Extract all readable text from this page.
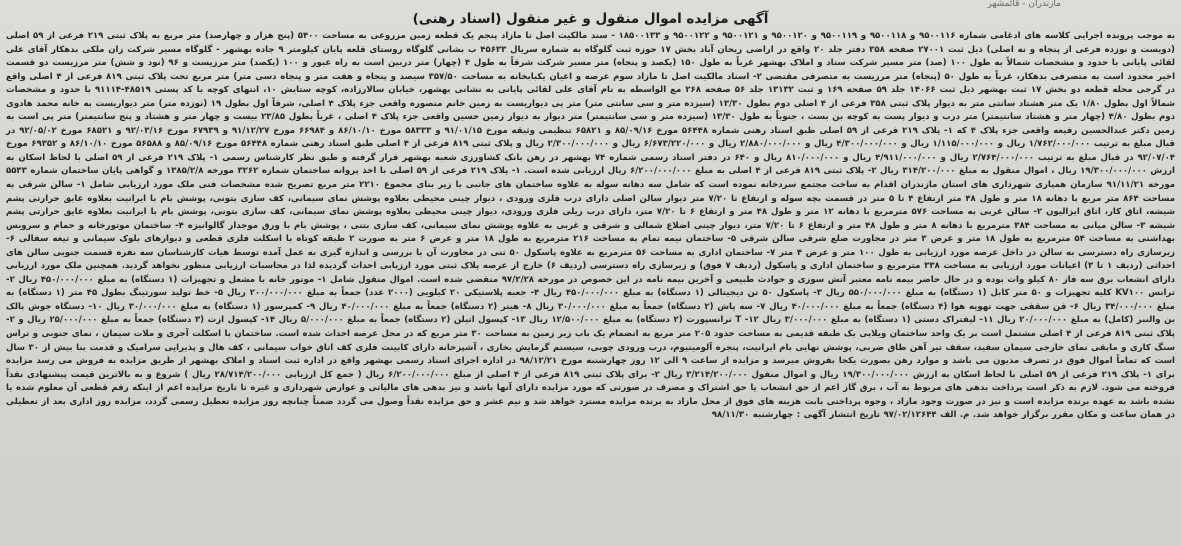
مازندران - قائمشهر
آگهی مزایده اموال منقول و غیر منقول (اسناد رهنی)

به موجب پرونده اجرایی کلاسه های ادغامی شماره ۹۵۰۰۱۱۶ و ۹۵۰۰۱۱۸ و ۹۵۰۰۱۱۹ و ۹۵۰۰۱۲۰ و ۹۵۰۰۱۲۱ و ۹۵۰۰۱۲۲ و ۱۸۵۰۰۱۳۳ - سند مالکیت اصل تا مازاد پنجم یک قطعه زمین مزروعی به مساحت ۵۴۰۰ (پنج هزار و چهارصد) متر مربع به پلاک ثبتی ۲۱۹ فرعی از ۵۹ اصلی (دویست و نوزده فرعی از پنجاه و نه اصلی) ذیل ثبت ۲۷۰۰۱ صفحه ۳۵۸ دفتر جلد ۲۰ واقع در اراضی ریحان آباد بخش ۱۷ حوزه ثبت گلوگاه به شماره سریال ۴۵۶۳۳ ب بشانی گلوگاه روستای قلعه پایان کیلومتر ۹ جاده بهشهر - گلوگاه مسیر شرکت زان ملکی بدهکار آقای علی لقائی پایانی با حدود و مشخصات شمالاً به طول ۱۰۰ (صد) متر مسیر شرکت ستاد و املاک بهشهر غرباً به طول ۱۵۰ (یکصد و پنجاه) متر مسیر شرکت شرقاً به طول ۴ (چهار) متر دربین است به راه عبور و ۱۰۰ (یکصد) متر مرزیست و ۹۶ (نود و شش) متر مرزیست دو قسمت اخیر محدود است به متصرفی بدهکار، غرباً به طول ۵۰ (پنجاه) متر مرزیست به متصرفی مقتضی ۲- اسناد مالکیت اصل تا مازاد سوم عرصه و اعیان یکبابخانه به مساحت ۳۵۷/۵۰ سیصد و پنجاه و هفت متر و پنجاه دسی متر) متر مربع تحت پلاک ثبتی ۸۱۹ فرعی از ۴ اصلی واقع در گرجی محله قطعه دو بخش ۱۷ ثبت بهشهر ذیل ثبت ۱۴۰۶۶ جلد ۵۹ صفحه ۱۶۹ و ثبت ۱۳۱۳۲ جلد ۵۶ صفحه ۲۶۸ مع الواسطه به نام آقای علی لقائی پایانی به نشانی بهشهر، خیابان سالارزاده، کوچه ستایش ۱۰، انتهای کوچه با کد پستی ۴۸۵۱۹-۹۱۱۱۴ با حدود و مشخصات شمالاً اول بطول ۱/۸۰ یک متر هشتاد سانتی متر به دیوار پلاک ثبتی ۳۵۸ فرعی از ۴ اصلی دوم بطول ۱۳/۳۰ (سیزده متر و سی سانتی متر) متر پی دیواریست به زمین خانم منصوره واقعی جزء پلاک ۴ اصلی، شرقاً اول بطول ۱۹ (نوزده متر) متر دیواریست به خانه محمد هادوی دوم بطول ۴/۸۰ (چهار متر و هشتاد سانتیمتر) متر درب و دیوار پست به کوچه بن بست ، جنوباً به طول ۱۳/۳۰ (سیزده متر و سی سانتیمتر) متر دیوار به دیوار زمین حسین واقعی جزء پلاک ۴ اصلی ، غرباً بطول ۲۳/۸۵ بیست و چهار متر و هشتاد و پنج سانتیمتر) متر پی است به زمین دکتر عبدالحسین رفیعه واقعی جزء پلاک ۴ که ۱- پلاک ۲۱۹ فرعی از ۵۹ اصلی طبق اسناد رهنی شماره ۵۶۴۴۸ مورخ ۸۵/۰۹/۱۶ و ۶۵۸۲۱ تنظیمی وثیقه مورخ ۹۱/۰۱/۱۵ و ۵۸۳۳۳ مورخ ۸۶/۱۰/۱۰ و ۶۶۹۸۴ مورخ ۹۱/۱۲/۲۷ و ۶۷۹۳۹ مورخ ۹۲/۰۳/۱۶ و ۶۸۵۲۱ مورخ ۹۲/۰۵/۰۲ در قبال مبلغ به ترتیب ۱/۷۶۲/۰۰۰/۰۰۰ ریال و ۱/۱۱۵/۰۰۰/۰۰۰ ریال و ۴/۳۰۰/۰۰۰/۰۰۰ ریال و ۲/۸۸۰/۰۰۰/۰۰۰ ریال و ۶/۶۷۳/۲۲۰/۰۰۰ ریال و ۲/۳۰۰/۰۰۰/۰۰۰ ریال و پلاک ثبتی ۸۱۹ فرعی از ۴ اصلی طبق اسناد رهنی شماره ۵۶۴۴۸ مورخ ۸۵/۰۹/۱۶ و ۵۶۵۸۸ مورخ ۸۶/۱۰/۱۰ و ۶۹۳۵۲ مورخ ۹۲/۰۷/۰۴ در قبال مبلغ به ترتیب ۲/۷۶۴/۰۰۰/۰۰۰ ریال و ۴/۹۱۱/۰۰۰/۰۰۰ ریال و ۸۱۰/۰۰۰/۰۰۰ ریال و ۶۴۰ در دفتر اسناد رسمی شماره ۷۴ بهشهر در رهن بانک کشاورزی شعبه بهشهر قرار گرفته و طبق نظر کارشناس رسمی ۱- پلاک ۲۱۹ فرعی از ۵۹ اصلی با لحاظ اسکان به ارزش ۱۹/۳۰۰/۰۰۰/۰۰۰ ریال ، اموال منقول به مبلغ ۳۱۴/۲۰۰/۰۰۰ ریال ۲- پلاک ثبتی ۸۱۹ فرعی از ۴ اصلی به مبلغ ۶/۲۰۰/۰۰۰/۰۰۰ ریال ارزیابی شده است. ۱- پلاک ۲۱۹ فرعی از ۵۹ اصلی با اخذ پروانه ساختمان شماره ۳۲۶۲ مورخه ۱۳۸۵/۲/۸ و گواهی پایان ساختمان شماره ۵۵۳۳ مورخه ۹۱/۱۱/۲۱ سازمان همیاری شهرداری های استان مازندران اقدام به ساخت مجتمع سردخانه نموده است که شامل سه دهانه سوله به علاوه ساختمان های جانبی با زیر بنای مجموع ۲۲۱۰ متر مربع تصریح شده مشخصات فنی ملک مورد ارزیابی شامل ۱- سالن شرقی به مساحت ۸۶۴ متر مربع با دهانه ۱۸ متر و طول ۴۸ متر ارتفاع ۴ تا ۵ متر در قسمت بچه سوله و ارتفاع تا ۷/۲۰ متر دیوار سالن اصلی دارای درب فلزی ورودی ، دیوار چینی محیطی بعلاوه پوشش نمای سیمانی، کف سازی بتونی، پوشش بام با ایرانیت بعلاوه عایق حرارتی پشم شیشه، اتاق کار، اتاق ایزالیون ۲- سالن غربی به مساحت ۵۷۶ مترمربع با دهانه ۱۲ متر و طول ۴۸ متر و ارتفاع ۶ تا ۷/۲۰ متر، دارای درب ریلی فلزی ورودی، دیوار چینی محیطی بعلاوه پوشش نمای سیمانی، کف سازی بتونی، پوشش بام با ایرانیت بعلاوه عایق حرارتی پشم شیشه ۳- سالن میانی به مساحت ۳۸۴ مترمربع با دهانه ۸ متر و طول ۴۸ متر و ارتفاع ۶ تا ۷/۲۰ متر، دیوار چینی اضلاع شمالی و شرقی و غربی به علاوه پوشش نمای سیمانی، کف سازی بتنی ، پوشش بام با ورق موجدار گالوانیزه ۴- ساختمان موتورخانه و حمام و سرویس بهداشتی به مساحت ۵۴ مترمربع به طول ۱۸ متر و عرض ۳ متر در مجاورت ضلع شرقی سالن شرقی ۵- ساختمان نیمه تمام به مساحت ۲۱۶ مترمربع به طول ۱۸ متر و عرض ۶ متر به صورت ۲ طبقه کوتاه با اسکلت فلزی قطعی و دیوارهای بلوک سیمانی و تیغه سفالی ۶- زیرسازی راه دسترسی به سالن در داخل عرصه مورد ارزیابی به طول ۱۰۰ متر و عرض ۴ متر ۷- ساختمان اداری به مساحت ۵۶ مترمربع به علاوه پاسکول ۵۰ تنی در مجاورت آن با بررسی و اندازه گیری به عمل آمده توسط هیات کارشناسان سه نفره قسمت جنوبی سالن های احداثی (ردیف ۱ تا ۳) اعیانات مورد ارزیابی به مساحت ۳۳۸ مترمربع و ساختمان اداری و پاسکول (ردیف ۷ فوق) و زیرسازی راه دسترسی (ردیف ۶) خارج از عرصه پلاک ثبتی مورد ارزیابی احداث گردیده لذا در محاسبات ارزیابی منظور نخواهد گردید. همچنین ملک مورد ارزیابی دارای انشعاب برق سه فاز ۸۰ کیلو وات بوده و در حال حاضر بیمه نامه معتبر آتش سوزی و حوادث طبیعی و آخرین بیمه نامه در این خصوص در مورخه ۹۷/۲/۲۸ منقضی شده است. اموال منقول شامل ۱- موتور خانه با مشعل و تجهیزات (۱ دستگاه) به مبلغ ۴۵۰/۰۰۰/۰۰۰ ریال ۲- ترانس KV۱۰۰ کلیه تجهیزات و ۵۰ متر کابل (۱ دستگاه) به مبلغ ۵۵۰/۰۰۰/۰۰۰ ریال ۳- پاسکول ۵۰ تن دیجیتالی (۱ دستگاه) به مبلغ ۴۵۰/۰۰۰/۰۰۰ ریال ۴- جعبه پلاستیکی ۲۰ کیلویی (۲۰۰۰ عدد) جمعاً به مبلغ ۲۰۰/۰۰۰/۰۰۰ ریال ۵- خط تولید سورتینگ بطول ۴۵ متر (۱ دستگاه) به مبلغ ۳۴/۰۰۰/۰۰۰ ریال ۶- فن سقفی جهت تهویه هوا (۴ دستگاه) جمعاً به مبلغ ۴۰/۰۰۰/۰۰۰ ریال ۷- سه پاش (۲ دستگاه) جمعاً به مبلغ ۳۰/۰۰۰/۰۰۰ ریال ۸- هیتر (۲ دستگاه) جمعاً به مبلغ ۴۰/۰۰۰/۰۰۰ ریال ۹- کمپرسور (۱ دستگاه) به مبلغ ۳۰/۰۰۰/۰۰۰ ریال ۱۰- دستگاه جوش بالک بن والنبر (کامل) به مبلغ ۲۰/۰۰۰/۰۰۰ ریال ۱۱- لیفتراک دستی (۱ دستگاه) به مبلغ ۳/۰۰۰/۰۰۰ ریال ۱۲- T ترانسپورت (۲ دستگاه) به مبلغ ۱۲/۵۰۰/۰۰۰ ریال ۱۳- کپسول اتیلن (۲ دستگاه) جمعاً به مبلغ ۵/۰۰۰/۰۰۰ ریال ۱۴- کپسول ازت (۳ دستگاه) جمعاً به مبلغ ۲۵/۰۰۰/۰۰۰ ریال و ۲- پلاک ثبتی ۸۱۹ فرعی از ۴ اصلی مشتمل است بر یک واحد ساختمان ویلایی یک طبقه قدیمی به مساحت حدود ۲۰۵ متر مربع به انضمام یک باب زیر زمین به مساحت ۳۰ متر مربع که در محل عرصه احداث شده است. ساختمان با اسکلت آجری و ملات سیمان ، نمای جنوبی و تراس سنگ کاری و مابقی نمای خارجی سیمان سفید، سقف تیر آهن طاق ضربی، پوشش نهایی بام ایرانیت، پنجره آلومینیوم، درب ورودی چوبی، سیستم گرمایش بخاری ، آشپزخانه دارای کابینت فلزی کف اتاق خواب سیمانی ، کف هال و پذیرایی سرامیک و قدمت بنا بیش از ۳۰ سال است که تماماً اموال فوق در تصرف مدیون می باشد و موارد رهن بصورت یکجا بفروش میرسد و مزایده از ساعت ۹ الی ۱۲ روز چهارشنبه مورخ ۹۸/۱۲/۲۱ در اداره اجرای اسناد رسمی بهشهر واقع در اداره ثبت اسناد و املاک بهشهر از طریق مزایده به فروش می رسد مزایده برای ۱- پلاک ۲۱۹ فرعی از ۵۹ اصلی با لحاظ اسکان به ارزش ۱۹/۳۰۰/۰۰۰/۰۰۰ ریال و اموال منقول ۳/۲۱۴/۲۰۰/۰۰۰ ریال ۲- برای پلاک ثبتی ۸۱۹ فرعی از ۴ اصلی از مبلغ ۶/۲۰۰/۰۰۰/۰۰۰ ریال ( جمع کل ارزیابی ۲۸/۷۱۴/۲۰۰/۰۰۰ ریال ) شروع و به بالاترین قیمت پیشنهادی نقداً فروخته می شود. لازم به ذکر است پرداخت بدهی های مربوط به آب ، برق گاز اعم از حق انشعاب یا حق اشتراک و مصرف در صورتی که مورد مزایده دارای آنها باشد و نیز بدهی های مالیاتی و عوارض شهرداری و غیره تا تاریخ مزایده اعم از اینکه رقم قطعی آن معلوم شده یا نشده باشد به عهده برنده مزایده است و نیز در صورت وجود مازاد ، وجوه پرداختی بابت هزینه های فوق از محل مازاد به برنده مزایده مسترد خواهد شد و نیم عشر و حق مزایده نقداً وصول می گردد ضمناً چنانچه روز مزایده تعطیل رسمی گردد، مزایده روز اداری بعد از تعطیلی در همان ساعت و مکان مقرر برگزار خواهد شد. م. الف ۹۷/۰۲/۱۲۶۴۴ تاریخ انتشار آگهی : چهارشنبه ۹۸/۱۱/۳۰
